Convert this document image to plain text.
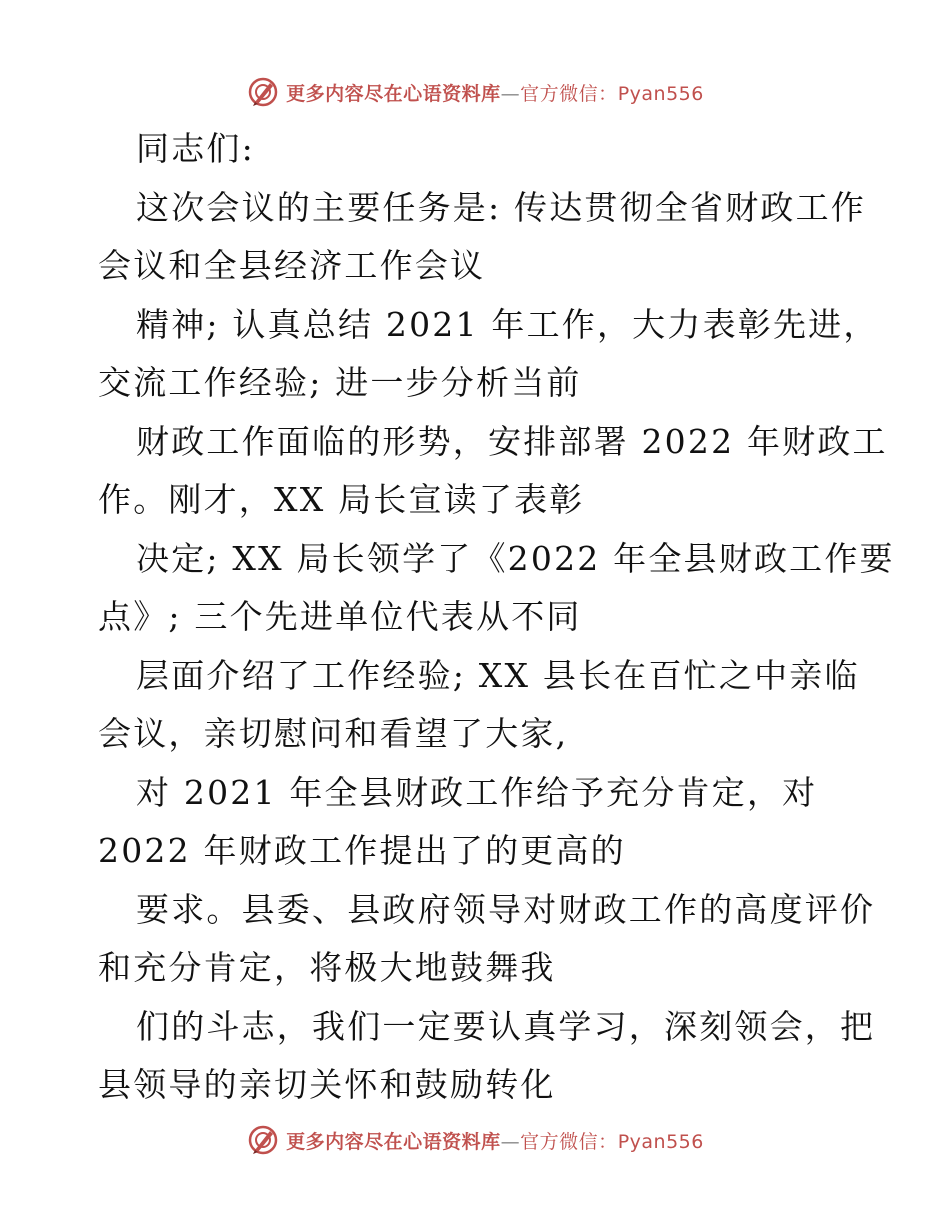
更多内容尽在心语资料库—官方微信：Pyan556
同志们:
这次会议的主要任务是: 传达贯彻全省财政工作
会议和全县经济工作会议
精神; 认真总结 2021 年工作，大力表彰先进，
交流工作经验; 进一步分析当前
财政工作面临的形势，安排部署 2022 年财政工
作。刚才，XX 局长宣读了表彰
决定; XX 局长领学了《2022 年全县财政工作要
点》; 三个先进单位代表从不同
层面介绍了工作经验; XX 县长在百忙之中亲临
会议，亲切慰问和看望了大家,
对 2021 年全县财政工作给予充分肯定，对
2022 年财政工作提出了的更高的
要求。县委、县政府领导对财政工作的高度评价
和充分肯定，将极大地鼓舞我
们的斗志，我们一定要认真学习，深刻领会，把
县领导的亲切关怀和鼓励转化
更多内容尽在心语资料库—官方微信：Pyan556
